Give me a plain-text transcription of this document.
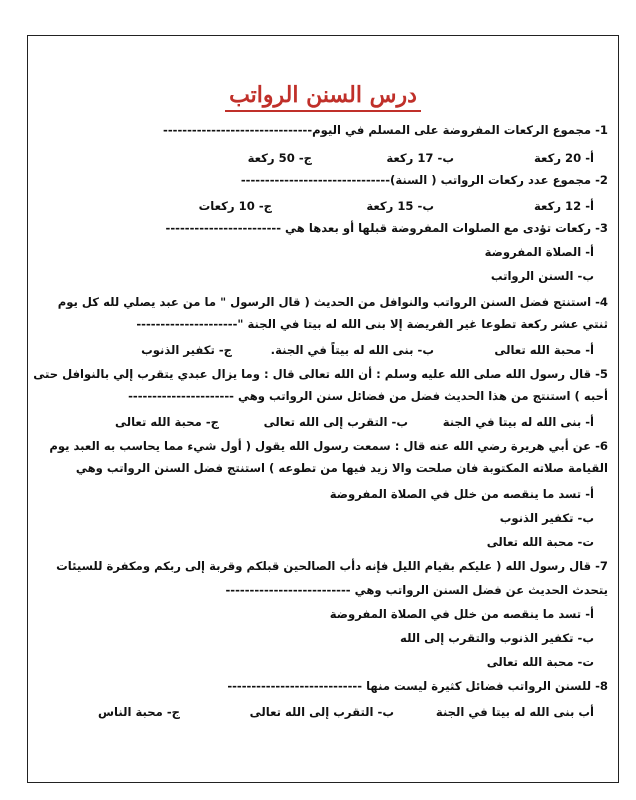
درس السنن الرواتب
1- مجموع الركعات المفروضة على المسلم في اليوم-------------------------------
أ- 20 ركعة
ب- 17 ركعة
ج- 50 ركعة
2- مجموع عدد ركعات الرواتب ( السنة)-------------------------------
أ- 12 ركعة
ب- 15 ركعة
ج- 10 ركعات
3- ركعات تؤدى مع الصلوات المفروضة قبلها أو بعدها هي ------------------------
أ- الصلاة المفروضة
ب- السنن الرواتب
4- استنتج فضل السنن الرواتب والنوافل من الحديث ( قال الرسول " ما من عبد يصلي لله كل يوم
ثنتي عشر ركعة تطوعا غير الفريضة إلا بنى الله له بيتا في الجنة "---------------------
أ- محبة الله تعالى
ب- بنى الله له بيتاً في الجنة.
ج- تكفير الذنوب
5- قال رسول الله صلى الله عليه وسلم : أن الله تعالى قال : وما يزال عبدي يتقرب إلي بالنوافل حتى
أحبه ) استنتج من هذا الحديث فضل من فضائل سنن الرواتب وهي ----------------------
أ- بنى الله له بيتا في الجنة
ب- التقرب إلى الله تعالى
ج- محبة الله تعالى
6- عن أبي هريرة رضي الله عنه قال : سمعت رسول الله يقول ( أول شيء مما يحاسب به العبد يوم
القيامة صلاته المكتوبة فان صلحت والا زيد فيها من تطوعه ) استنتج فضل السنن الرواتب وهي
أ- تسد ما ينقصه من خلل في الصلاة المفروضة
ب- تكفير الذنوب
ت- محبة الله تعالى
7- قال رسول الله ( عليكم بقيام الليل فإنه دأب الصالحين قبلكم وقربة إلى ربكم ومكفرة للسيئات
يتحدث الحديث عن فضل السنن الرواتب وهي --------------------------
أ- تسد ما ينقصه من خلل في الصلاة المفروضة
ب- تكفير الذنوب والتقرب إلى الله
ت- محبة الله تعالى
8- للسنن الرواتب فضائل كثيرة ليست منها ----------------------------
أب بنى الله له بيتا في الجنة
ب- التقرب إلى الله تعالى
ج- محبة الناس
